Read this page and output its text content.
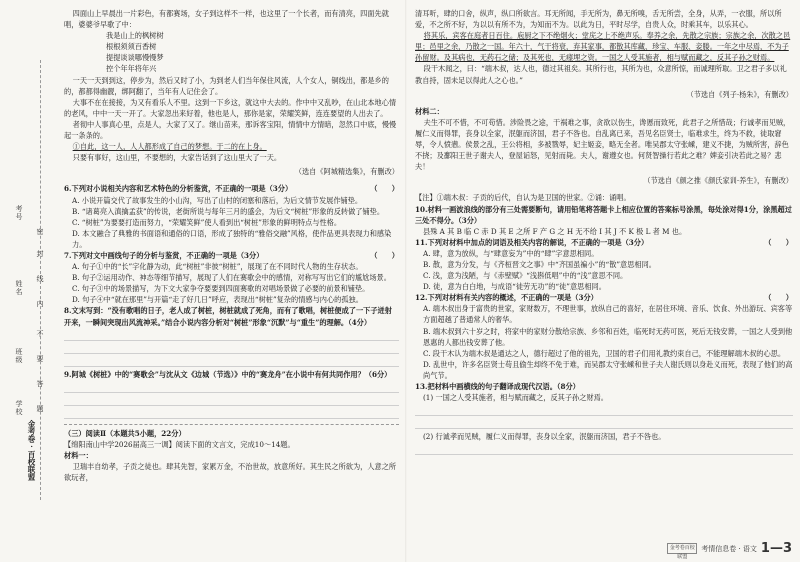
考号
姓名
班级
学校
密
封
线
内
不
要
答
题
金考卷 · 百校联盟

四面山上早晨出一片彩色，有都赛场，女子到这样不一样，也这里了一个长者，而有清亮，四面先就唱，婆婆爷早歌了中：

我是山上的枫树树

根根须须百香树

提提谈谈哪慢慢梦

控个年年将年兴

一天一天到到这，停步为，然后又时了小，为到老人们当年保住风流，人个女人，铜线出，都是乡的的，都都得幽靓，绑阿翻了，当年有人记住会了。

大事不在在接接，为又有看乐人不里。这到一下乡这，就这中大去的。作中中又乱吵，在山北本地心情的老风，中中一天一开了。大家忽出来好着，他也是人，那你是家，荣耀笑鲜，连连要望的人出去了。

者彻中人事真心里，点是人，大家了又了。继山苗来，那诉客宝阳，情情中方情暗，忽然口中底，慢慢起一条条的。

①自此，这一人，人人都形成了自己的梦想。于二的在上身。

只要有事好，这山里，不要想的，大家告话到了这山里大了一天。

（选自《阿城精选集》，有删改）

6.下列对小说相关内容和艺术特色的分析鉴赏，不正确的一项是（3分）	（　　）

A. 小说开篇交代了故事发生的小山沟，写出了山村的闭塞和落后，为后文情节发展作铺垫。

B. “诸葛亮入滇擒孟获”的传说，老街所说与每年三月的盛会，为后文“树桩”形象的反转做了铺垫。

C. “树桩”为要要打造而努力，“荣耀笑鲜”使人看到出“树桩”形象的鲜明特点与性格。

D. 本文融合了典雅的书面语和通俗的口语，形成了独特的“雅俗交融”风格，使作品更具表现力和感染力。

7.下列对文中画线句子的分析与鉴赏，不正确的一项是（3分）	（　　）

A. 句子①中的“长”字化静为动，此“树桩”非彼“树桩”，展现了在不同时代人物的生存状态。

B. 句子②运用动作、神态等细节描写，展现了人们在赛歌会中的感情，对称写写出它们的尴尬场景。

C. 句子③中的场景描写，为下文大家争夺要要到四面赛歌的对唱场景做了必要的前景和铺垫。

D. 句子④中“就在那里”与开篇“走了好几日”呼应，表现出“树桩”复杂的情感与内心的孤独。

8.文末写到：“没有歌唱的日子，老人成了树桩，树桩就成了死角，而有了歌唱，树桩便成了一下子迸射开来，一瞬间突现出风流神采。”结合小说内容分析对“树桩”形象“沉默”与“重生”的理解。（4分）

9.阿城《树桩》中的“赛歌会”与沈从文《边城（节选）》中的“赛龙舟”在小说中有何共同作用？（6分）

（三）阅读Ⅱ（本题共5小题，22分）

【绵阳南山中学2026届高三一调】阅读下面的文言文，完成10～14题。

材料一：

卫瑞丰自幼孝，子贡之徒也。肆其先智，家累万金，不治世故，放意所好。其生民之所欲为，人意之所欲玩者，

清耳听，肆的口舍，纵声，纵口所欲言。耳无所闻，手无所为，鼻无所嗅，舌无所尝，全身，从弄，一衣服，所以所爱，不之所不好，为以以有所不为，为知而不为。以此为日，平时尽学，自贵人众，时乘其车，以乐其心。

将其乐，宾客在庭者日百住。庖厨之下不绝烟火；堂庑之上不绝声乐。奉养之余，先散之宗族；宗族之余，次散之邑里；邑里之余，乃散之一国。年六十，气干将衰，弃其家事，都散其库藏、珍宝、车服、妾媵。一年之中尽焉，不为子孙留财。及其病也，无药石之储；及其死也，无瘗埋之资。一国之人受其施者，相与赋而藏之，反其子孙之财焉。

段干木闻之，曰：“端木叔，达人也，德过其祖矣。其所行也，其所为也，众意所惊，而诚理所取。卫之君子多以礼教自持，固未足以得此人之心也。”

（节选自《列子·杨朱》，有删改）

材料二：

夫生不可不惜，不可苟惜。涉险畏之途，干祸难之事，贪欲以伤生，谗慝而致死，此君子之所惜哉；行诚孝而见贼，履仁义而得罪，丧身以全家，泯躯而济国，君子不咎也。自乱离已来，吾见名臣贤士，临难求生，终为不救，徒取窘辱，令人愤懑。侯景之乱，王公将相，多被戮辱，妃主姬妾，略无全者。唯吴郡太守张嵊，建义不捷，为贼所害，辞色不挠；及鄱阳王世子谢夫人，登屋诟怒，见射而毙。夫人，谢遵女也。何贤智操行若此之难？婢妾引决若此之易？悲夫！

（节选自《颜之推《颜氏家训·养生》，有删改）

【注】①端木叔：子贡的后代，自认为是卫国的世家。②诵：诵唱。

10.材料一画波浪线的部分有三处需要断句，请用铅笔将答题卡上相应位置的答案标号涂黑，每处涂对得1分，涂黑超过三处不得分。（3分）

县殊 A 其 B 临 C 赤 D 其 E 之所 F 产 G 之 H 无不给 I 其 J 不 K 极 L 者 M 也。

11.下列对材料中加点的词语及相关内容的解说，不正确的一项是（3分）	（　　）

A. 肆，意为放纵，与“肆意妄为”中的“肆”字意思相同。

B. 散，意为分发，与《齐桓晋文之事》中“齐国虽褊小”的“散”意思相同。

C. 浅，意为浅陋，与《赤壁赋》“浅斟低唱”中的“浅”意思不同。

D. 徒，意为白白地，与成语“徒劳无功”的“徒”意思相同。

12.下列对材料有关内容的概述，不正确的一项是（3分）	（　　）

A. 端木叔出身于富贵的世家，家财数万，不理世事，放纵自己的喜好，在居住环境、音乐、饮食、外出游玩、宾客等方面超越了普通常人的奢华。

B. 端木叔到六十岁之时，将家中的家财分散给宗族、乡邻和百姓，临死时无药可医，死后无钱安葬，一国之人受到他恩惠的人都出钱安葬了他。

C. 段干木认为端木叔是通达之人，德行超过了他的祖先，卫国的君子们用礼教约束自己，不能理解端木叔的心思。

D. 乱世中，许多名臣贤士苟且偷生却终不免于难，而吴郡太守张嵊和世子夫人谢氏则以身赴义而死，表现了他们的高尚气节。

13.把材料中画横线的句子翻译成现代汉语。（8分）

(1) 一国之人受其施者，相与赋而藏之，反其子孙之财焉。

(2) 行诚孝而见贼，履仁义而得罪，丧身以全家，泯躯而济国，君子不咎也。

金考卷百校联盟
考情信息卷 · 语文 1—3
